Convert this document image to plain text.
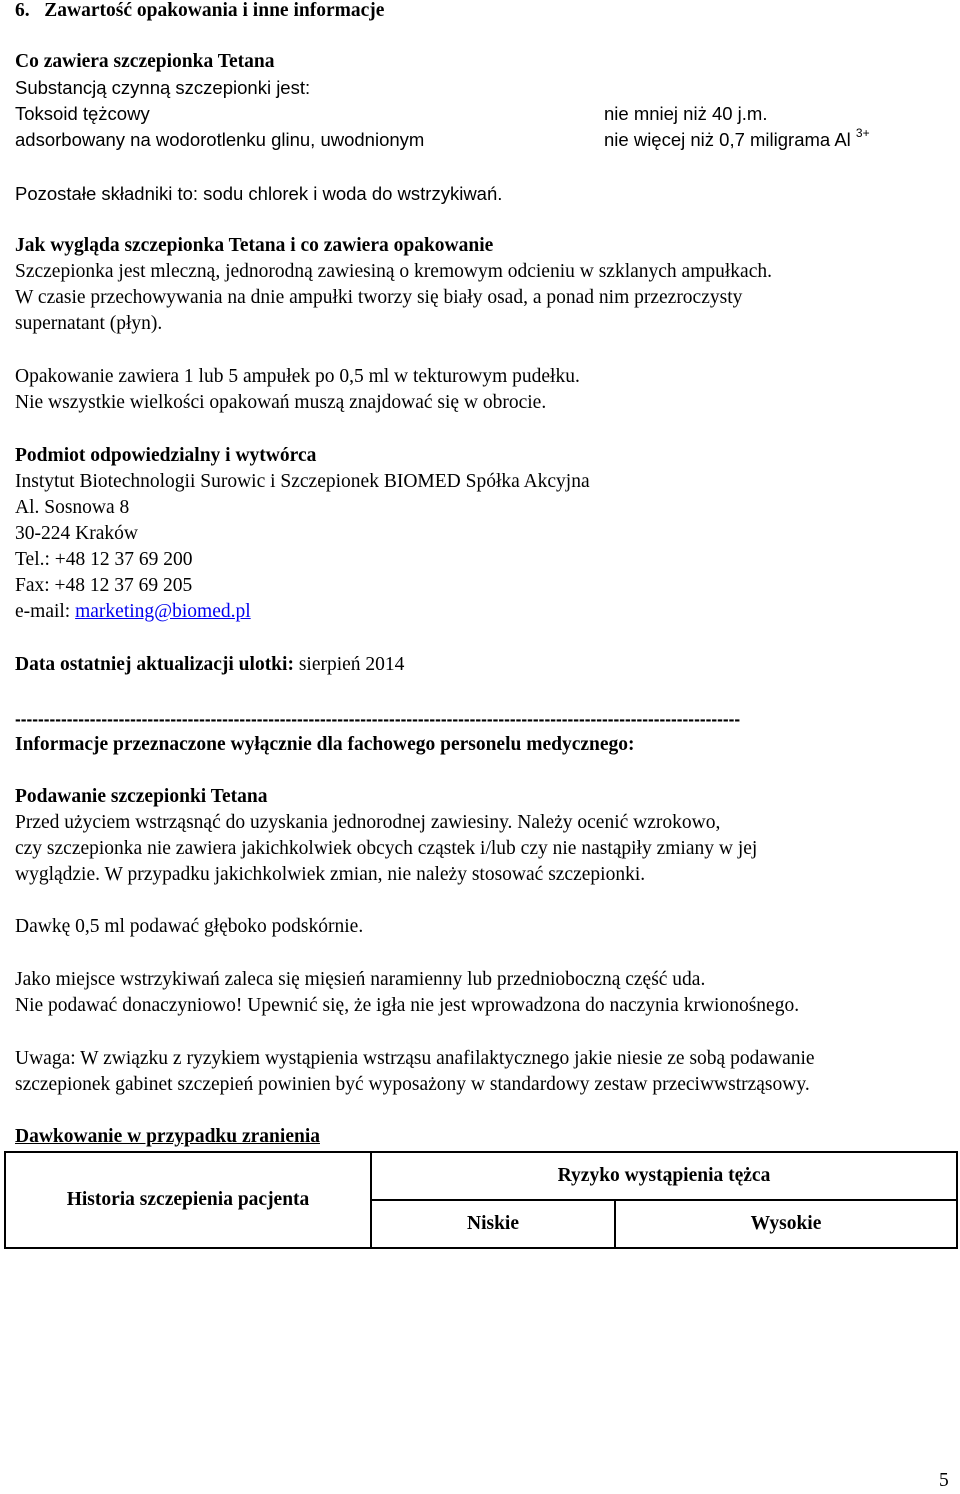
6.   Zawartość opakowania i inne informacje
Co zawiera szczepionka Tetana
Substancją czynną szczepionki jest:
Toksoid tężcowy	nie mniej niż 40 j.m.
adsorbowany na wodorotlenku glinu, uwodnionym	nie więcej niż 0,7 miligrama Al $^{3+}$
Pozostałe składniki to: sodu chlorek i woda do wstrzykiwań.
Jak wygląda szczepionka Tetana i co zawiera opakowanie
Szczepionka jest mleczną, jednorodną zawiesiną o kremowym odcieniu w szklanych ampułkach.
W czasie przechowywania na dnie ampułki tworzy się biały osad, a ponad nim przezroczysty
supernatant (płyn).
Opakowanie zawiera 1 lub 5 ampułek po 0,5 ml w tekturowym pudełku.
Nie wszystkie wielkości opakowań muszą znajdować się w obrocie.
Podmiot odpowiedzialny i wytwórca
Instytut Biotechnologii Surowic i Szczepionek BIOMED Spółka Akcyjna
Al. Sosnowa 8
30-224 Kraków
Tel.: +48 12 37 69 200
Fax: +48 12 37 69 205
e-mail: marketing@biomed.pl
Data ostatniej aktualizacji ulotki: sierpień 2014
------------------------------------------------------------------------------------------------------------------------------
Informacje przeznaczone wyłącznie dla fachowego personelu medycznego:
Podawanie szczepionki Tetana
Przed użyciem wstrząsnąć do uzyskania jednorodnej zawiesiny. Należy ocenić wzrokowo,
czy szczepionka nie zawiera jakichkolwiek obcych cząstek i/lub czy nie nastąpiły zmiany w jej
wyglądzie. W przypadku jakichkolwiek zmian, nie należy stosować szczepionki.
Dawkę 0,5 ml podawać głęboko podskórnie.
Jako miejsce wstrzykiwań zaleca się mięsień naramienny lub przednioboczną część uda.
Nie podawać donaczyniowo! Upewnić się, że igła nie jest wprowadzona do naczynia krwionośnego.
Uwaga: W związku z ryzykiem wystąpienia wstrząsu anafilaktycznego jakie niesie ze sobą podawanie
szczepionek gabinet szczepień powinien być wyposażony w standardowy zestaw przeciwwstrząsowy.
Dawkowanie w przypadku zranienia
Historia szczepienia pacjenta	Ryzyko wystąpienia tężca	
	Niskie	Wysokie
5
